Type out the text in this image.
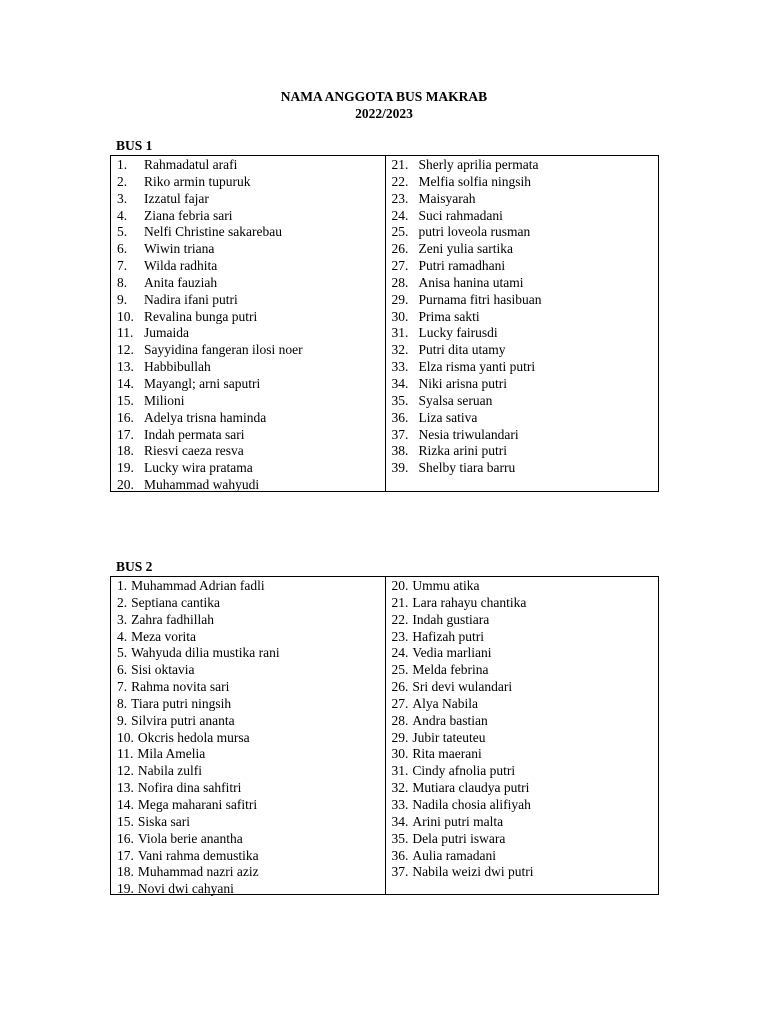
NAMA ANGGOTA BUS MAKRAB
2022/2023
BUS 1
1. Rahmadatul arafi
2. Riko armin tupuruk
3. Izzatul fajar
4. Ziana febria sari
5. Nelfi Christine sakarebau
6. Wiwin triana
7. Wilda radhita
8. Anita fauziah
9. Nadira ifani putri
10. Revalina bunga putri
11. Jumaida
12. Sayyidina fangeran ilosi noer
13. Habbibullah
14. Mayangl; arni saputri
15. Milioni
16. Adelya trisna haminda
17. Indah permata sari
18. Riesvi caeza resva
19. Lucky wira pratama
20. Muhammad wahyudi
21. Sherly aprilia permata
22. Melfia solfia ningsih
23. Maisyarah
24. Suci rahmadani
25. putri loveola rusman
26. Zeni yulia sartika
27. Putri ramadhani
28. Anisa hanina utami
29. Purnama fitri hasibuan
30. Prima sakti
31. Lucky fairusdi
32. Putri dita utamy
33. Elza risma yanti putri
34. Niki arisna putri
35. Syalsa seruan
36. Liza sativa
37. Nesia triwulandari
38. Rizka arini putri
39. Shelby tiara barru
BUS 2
1. Muhammad Adrian fadli
2. Septiana cantika
3. Zahra fadhillah
4. Meza vorita
5. Wahyuda dilia mustika rani
6. Sisi oktavia
7. Rahma novita sari
8. Tiara putri ningsih
9. Silvira putri ananta
10. Okcris hedola mursa
11. Mila Amelia
12. Nabila zulfi
13. Nofira dina sahfitri
14. Mega maharani safitri
15. Siska sari
16. Viola berie anantha
17. Vani rahma demustika
18. Muhammad nazri aziz
19. Novi dwi cahyani
20. Ummu atika
21. Lara rahayu chantika
22. Indah gustiara
23. Hafizah putri
24. Vedia marliani
25. Melda febrina
26. Sri devi wulandari
27. Alya Nabila
28. Andra bastian
29. Jubir tateuteu
30. Rita maerani
31. Cindy afnolia putri
32. Mutiara claudya putri
33. Nadila chosia alifiyah
34. Arini putri malta
35. Dela putri iswara
36. Aulia ramadani
37. Nabila weizi dwi putri
